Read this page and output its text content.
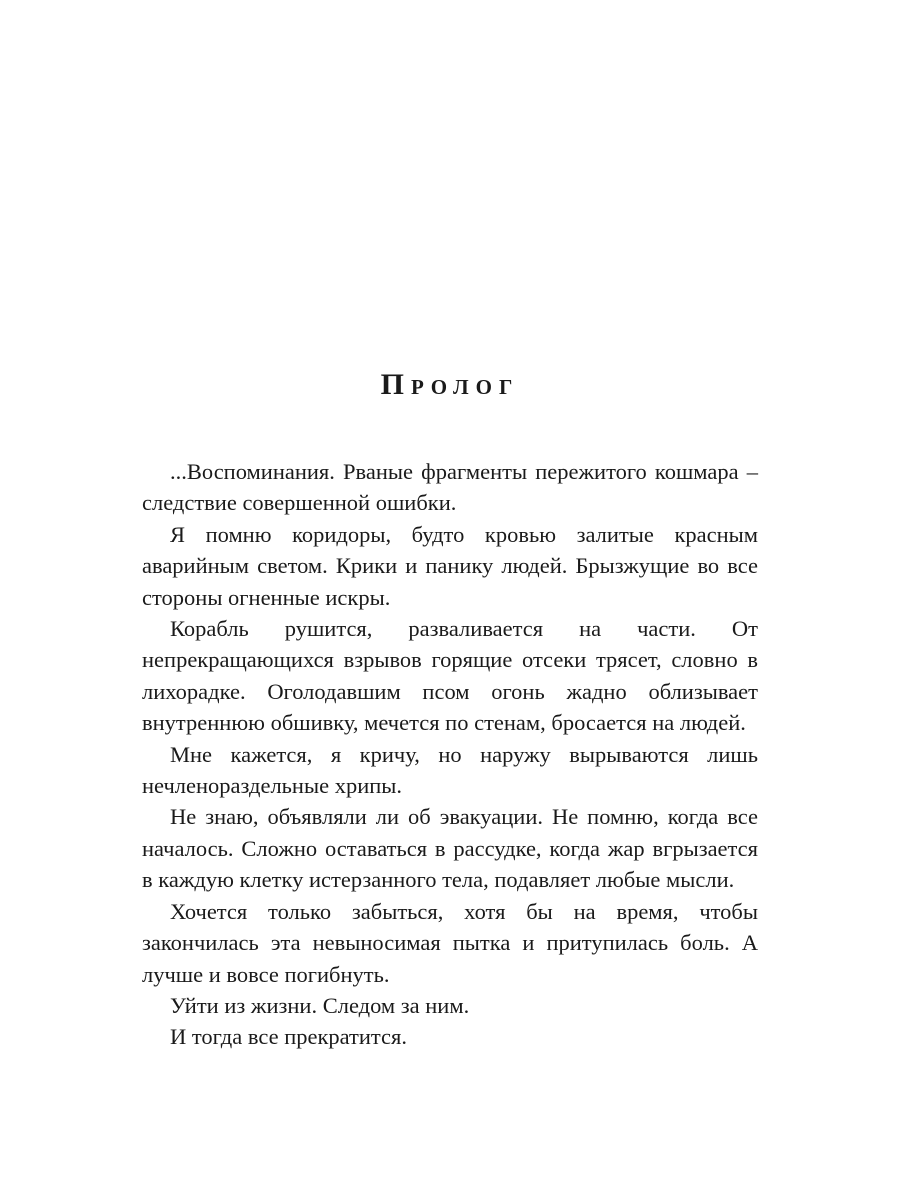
Пролог

...Воспоминания. Рваные фрагменты пережитого кошмара – следствие совершенной ошибки.

Я помню коридоры, будто кровью залитые красным аварийным светом. Крики и панику людей. Брызжущие во все стороны огненные искры.

Корабль рушится, разваливается на части. От непрекращающихся взрывов горящие отсеки трясет, словно в лихорадке. Оголодавшим псом огонь жадно облизывает внутреннюю обшивку, мечется по стенам, бросается на людей.

Мне кажется, я кричу, но наружу вырываются лишь нечленораздельные хрипы.

Не знаю, объявляли ли об эвакуации. Не помню, когда все началось. Сложно оставаться в рассудке, когда жар вгрызается в каждую клетку истерзанного тела, подавляет любые мысли.

Хочется только забыться, хотя бы на время, чтобы закончилась эта невыносимая пытка и притупилась боль. А лучше и вовсе погибнуть.

Уйти из жизни. Следом за ним.

И тогда все прекратится.
